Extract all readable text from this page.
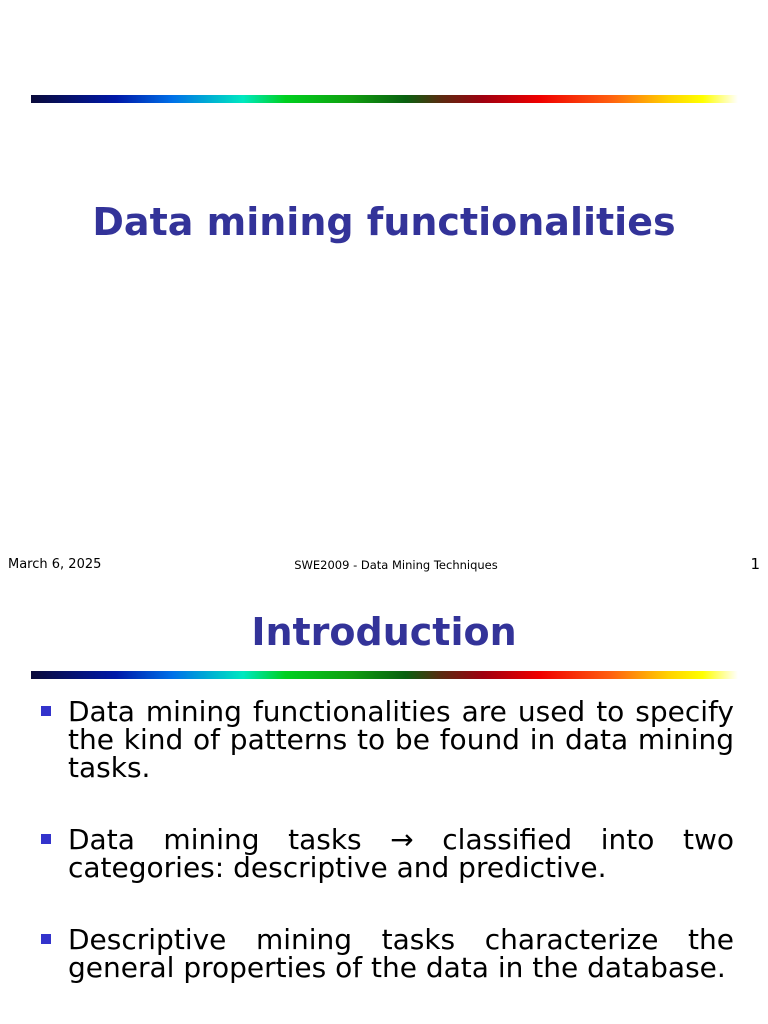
Data mining functionalities
March 6, 2025	SWE2009 - Data Mining Techniques	1
Introduction
Data mining functionalities are used to specify the kind of patterns to be found in data mining tasks.
Data mining tasks → classified into two categories: descriptive and predictive.
Descriptive mining tasks characterize the general properties of the data in the database.
